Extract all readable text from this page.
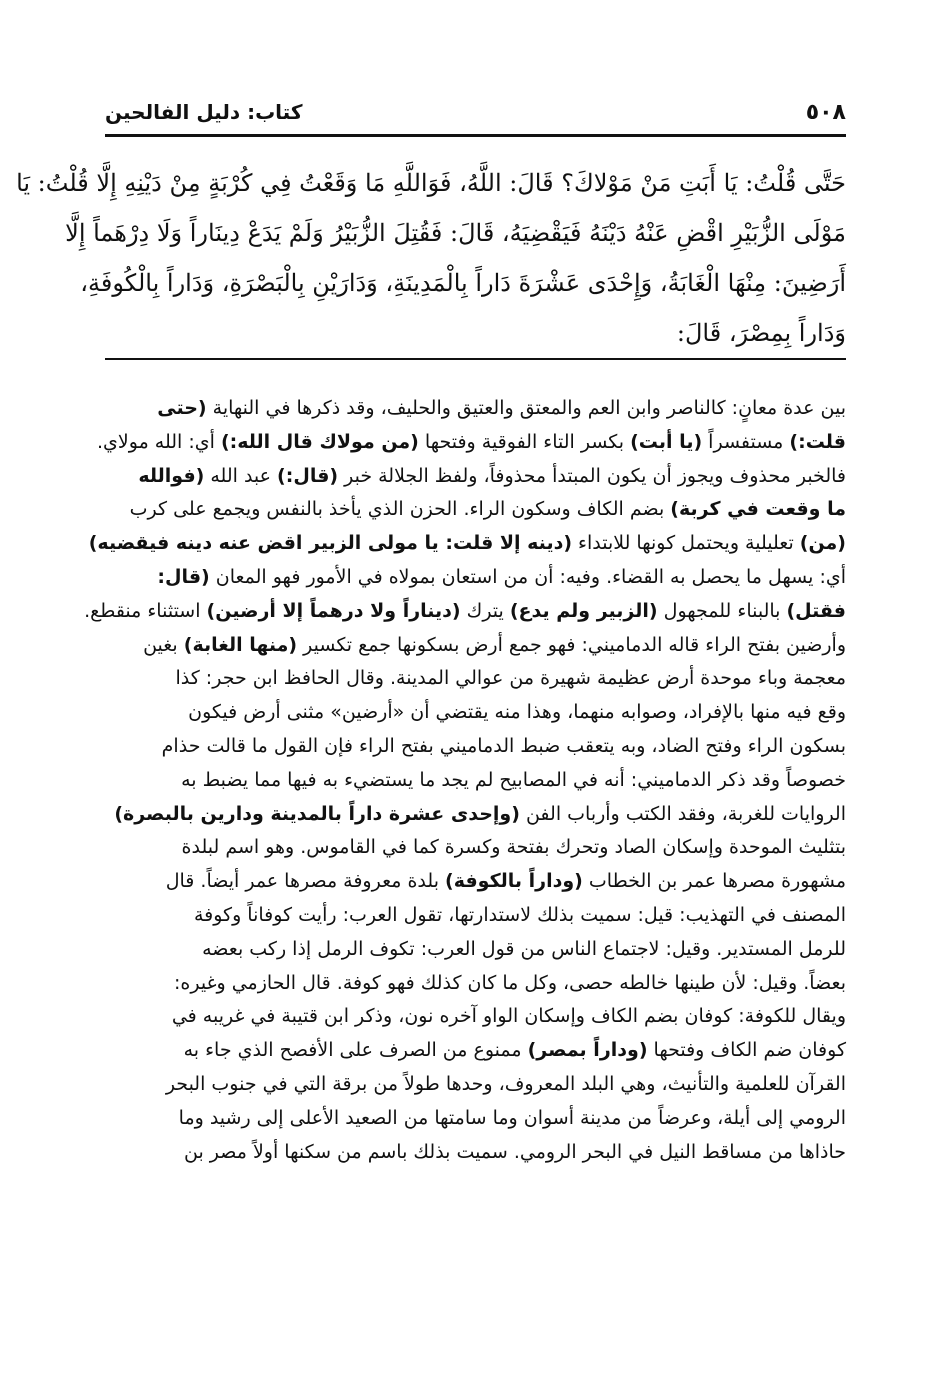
٥٠٨
كتاب: دليل الفالحين
حَتَّى قُلْتُ: يَا أَبَتِ مَنْ مَوْلاكَ؟ قَالَ: اللَّهُ، فَوَاللَّهِ مَا وَقَعْتُ فِي كُرْبَةٍ مِنْ دَيْنِهِ إِلَّا قُلْتُ: يَا
مَوْلَى الزُّبَيْرِ اقْضِ عَنْهُ دَيْنَهُ فَيَقْضِيَهُ، قَالَ: فَقُتِلَ الزُّبَيْرُ وَلَمْ يَدَعْ دِينَاراً وَلَا دِرْهَماً إِلَّا
أَرَضِينَ: مِنْهَا الْغَابَةُ، وَإِحْدَى عَشْرَةَ دَاراً بِالْمَدِينَةِ، وَدَارَيْنِ بِالْبَصْرَةِ، وَدَاراً بِالْكُوفَةِ،
وَدَاراً بِمِصْرَ، قَالَ:
بين عدة معانٍ: كالناصر وابن العم والمعتق والعتيق والحليف، وقد ذكرها في النهاية (حتى
قلت:) مستفسراً (يا أبت) بكسر التاء الفوقية وفتحها (من مولاك قال الله:) أي: الله مولاي.
فالخبر محذوف ويجوز أن يكون المبتدأ محذوفاً، ولفظ الجلالة خبر (قال:) عبد الله (فوالله
ما وقعت في كربة) بضم الكاف وسكون الراء. الحزن الذي يأخذ بالنفس ويجمع على كرب
(من) تعليلية ويحتمل كونها للابتداء (دينه إلا قلت: يا مولى الزبير اقض عنه دينه فيقضيه)
أي: يسهل ما يحصل به القضاء. وفيه: أن من استعان بمولاه في الأمور فهو المعان (قال:
فقتل) بالبناء للمجهول (الزبير ولم يدع) يترك (ديناراً ولا درهماً إلا أرضين) استثناء منقطع.
وأرضين بفتح الراء قاله الدماميني: فهو جمع أرض بسكونها جمع تكسير (منها الغابة) بغين
معجمة وباء موحدة أرض عظيمة شهيرة من عوالي المدينة. وقال الحافظ ابن حجر: كذا
وقع فيه منها بالإفراد، وصوابه منهما، وهذا منه يقتضي أن «أرضين» مثنى أرض فيكون
بسكون الراء وفتح الضاد، وبه يتعقب ضبط الدماميني بفتح الراء فإن القول ما قالت حذام
خصوصاً وقد ذكر الدماميني: أنه في المصابيح لم يجد ما يستضيء به فيها مما يضبط به
الروايات للغربة، وفقد الكتب وأرباب الفن (وإحدى عشرة داراً بالمدينة ودارين بالبصرة)
بتثليث الموحدة وإسكان الصاد وتحرك بفتحة وكسرة كما في القاموس. وهو اسم لبلدة
مشهورة مصرها عمر بن الخطاب (وداراً بالكوفة) بلدة معروفة مصرها عمر أيضاً. قال
المصنف في التهذيب: قيل: سميت بذلك لاستدارتها، تقول العرب: رأيت كوفاناً وكوفة
للرمل المستدير. وقيل: لاجتماع الناس من قول العرب: تكوف الرمل إذا ركب بعضه
بعضاً. وقيل: لأن طينها خالطه حصى، وكل ما كان كذلك فهو كوفة. قال الحازمي وغيره:
ويقال للكوفة: كوفان بضم الكاف وإسكان الواو آخره نون، وذكر ابن قتيبة في غريبه في
كوفان ضم الكاف وفتحها (وداراً بمصر) ممنوع من الصرف على الأفصح الذي جاء به
القرآن للعلمية والتأنيث، وهي البلد المعروف، وحدها طولاً من برقة التي في جنوب البحر
الرومي إلى أيلة، وعرضاً من مدينة أسوان وما سامتها من الصعيد الأعلى إلى رشيد وما
حاذاها من مساقط النيل في البحر الرومي. سميت بذلك باسم من سكنها أولاً مصر بن
